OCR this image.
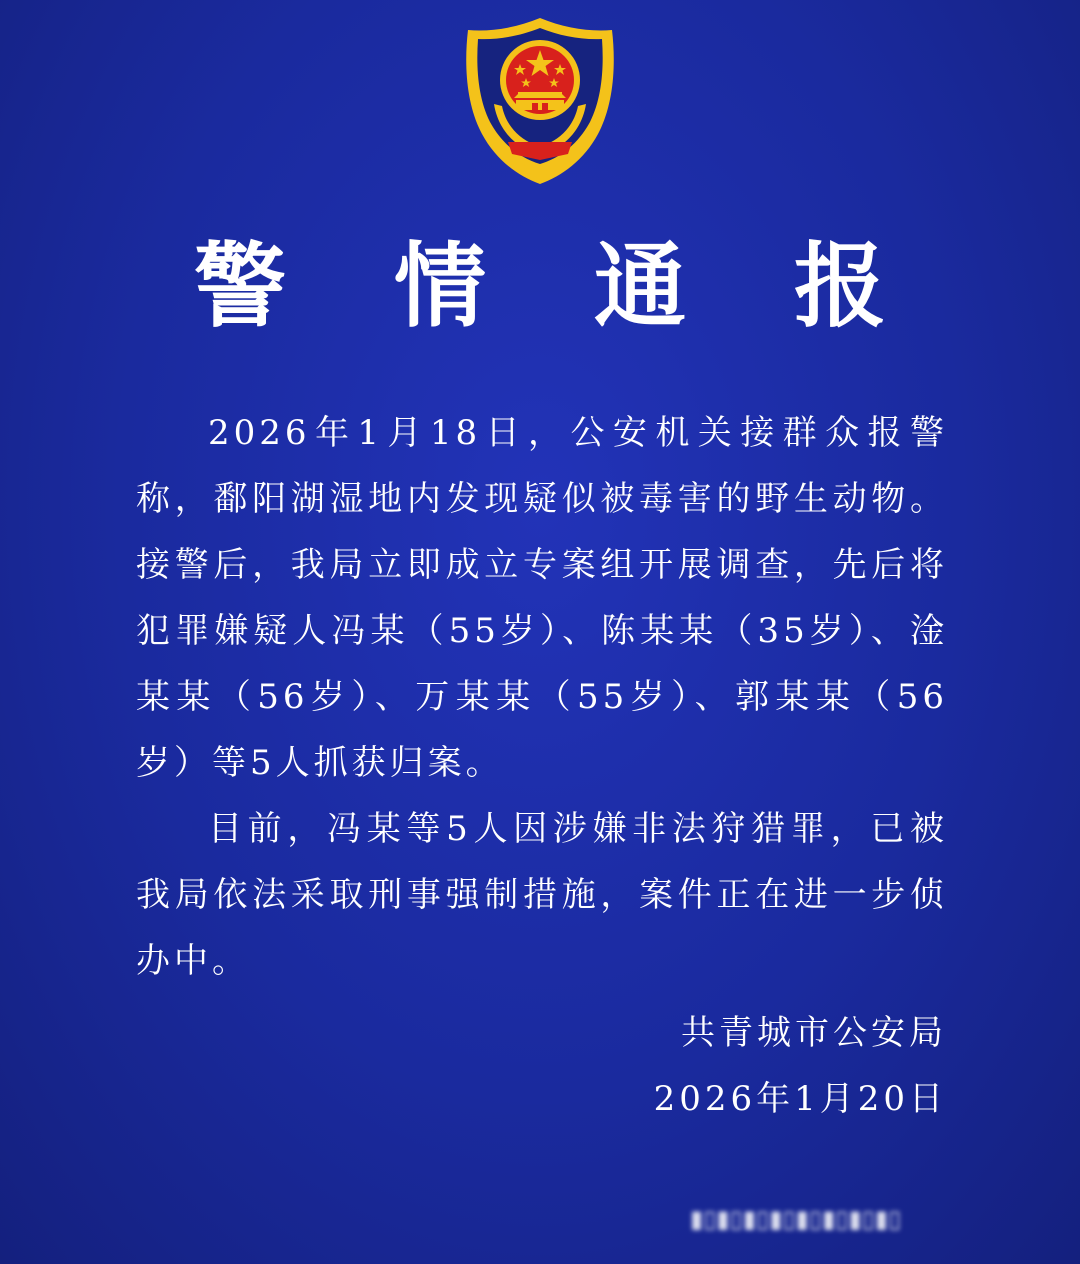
警 情 通 报

2026年1月18日，公安机关接群众报警称，鄱阳湖湿地内发现疑似被毒害的野生动物。接警后，我局立即成立专案组开展调查，先后将犯罪嫌疑人冯某（55岁）、陈某某（35岁）、淦某某（56岁）、万某某（55岁）、郭某某（56岁）等5人抓获归案。

目前，冯某等5人因涉嫌非法狩猎罪，已被我局依法采取刑事强制措施，案件正在进一步侦办中。

共青城市公安局
2026年1月20日
▮▯▮▯▮▯▮▯▮▯▮▯▮▯▮▯
